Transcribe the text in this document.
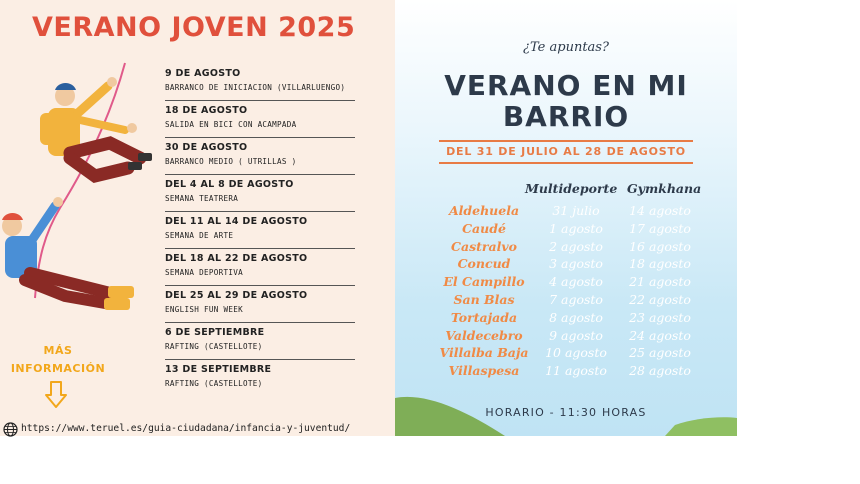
VERANO JOVEN 2025
9 DE AGOSTO
BARRANCO DE INICIACION (VILLARLUENGO)
18 DE AGOSTO
SALIDA EN BICI CON ACAMPADA
30 DE AGOSTO
BARRANCO MEDIO ( UTRILLAS )
DEL 4 AL 8 DE AGOSTO
SEMANA TEATRERA
DEL 11 AL 14 DE AGOSTO
SEMANA DE ARTE
DEL 18 AL 22 DE AGOSTO
SEMANA DEPORTIVA
DEL 25 AL 29 DE AGOSTO
ENGLISH FUN WEEK
6 DE SEPTIEMBRE
RAFTING (CASTELLOTE)
13 DE SEPTIEMBRE
RAFTING (CASTELLOTE)
MÁS
INFORMACIÓN
https://www.teruel.es/guia-ciudadana/infancia-y-juventud/
¿Te apuntas?
VERANO EN MI
BARRIO
DEL 31 DE JULIO AL 28 DE AGOSTO
Multideporte Gymkhana
Aldehuela	31 julio	14 agosto
Caudé	1 agosto	17 agosto
Castralvo	2 agosto	16 agosto
Concud	3 agosto	18 agosto
El Campillo	4 agosto	21 agosto
San Blas	7 agosto	22 agosto
Tortajada	8 agosto	23 agosto
Valdecebro	9 agosto	24 agosto
Villalba Baja	10 agosto	25 agosto
Villaspesa	11 agosto	28 agosto
HORARIO - 11:30 HORAS
